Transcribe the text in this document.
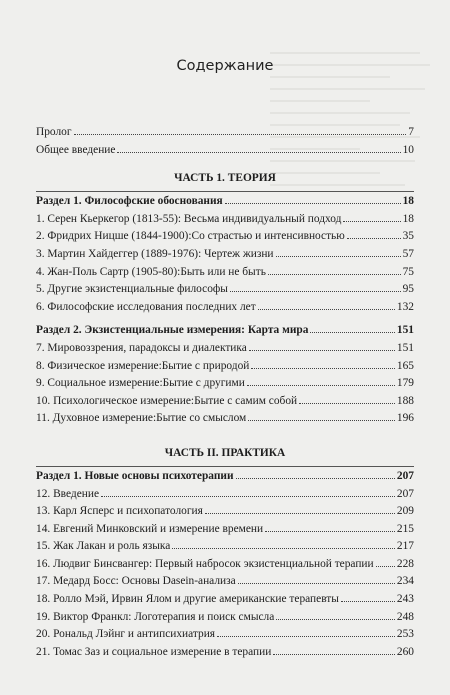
Содержание
Пролог	7
Общее введение	10
ЧАСТЬ 1. ТЕОРИЯ
Раздел 1. Философские обоснования	18
1. Серен Кьеркегор (1813-55): Весьма индивидуальный подход	18
2. Фридрих Ницше (1844-1900):Со страстью и интенсивностью	35
3. Мартин Хайдеггер (1889-1976): Чертеж жизни	57
4. Жан-Поль Сартр (1905-80):Быть или не быть	75
5. Другие экзистенциальные философы	95
6. Философские исследования последних лет	132
Раздел 2. Экзистенциальные измерения: Карта мира	151
7. Мировоззрения, парадоксы и диалектика	151
8. Физическое измерение:Бытие с природой	165
9. Социальное измерение:Бытие с другими	179
10. Психологическое измерение:Бытие с самим собой	188
11. Духовное измерение:Бытие со смыслом	196
ЧАСТЬ II. ПРАКТИКА
Раздел 1. Новые основы психотерапии	207
12. Введение	207
13. Карл Ясперс и психопатология	209
14. Евгений Минковский и измерение времени	215
15. Жак Лакан и роль языка	217
16. Людвиг Бинсвангер: Первый набросок экзистенциальной терапии 228
17. Медард Босс: Основы Dasein-анализа	234
18. Ролло Мэй, Ирвин Ялом и другие американские терапевты	243
19. Виктор Франкл: Логотерапия и поиск смысла	248
20. Рональд Лэйнг и антипсихиатрия	253
21. Томас Заз и социальное измерение в терапии	260
